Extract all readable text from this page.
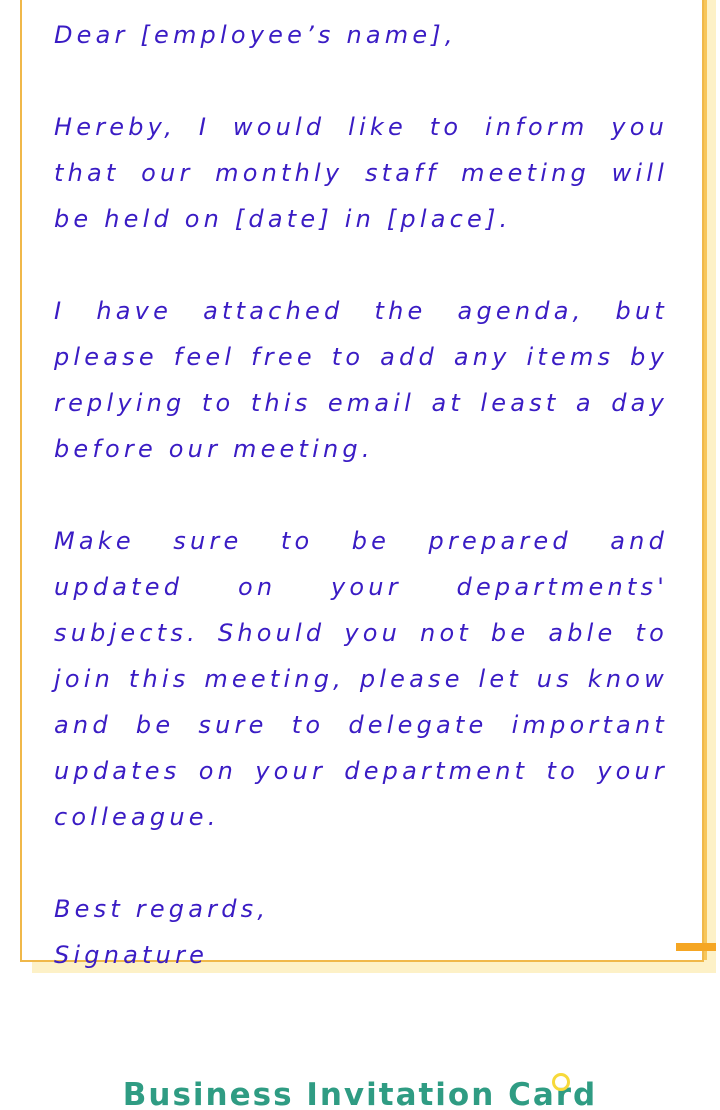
Dear [employee’s name],

Hereby, I would like to inform you that our monthly staff meeting will be held on [date] in [place].

I have attached the agenda, but please feel free to add any items by replying to this email at least a day before our meeting.

Make sure to be prepared and updated on your departments' subjects. Should you not be able to join this meeting, please let us know and be sure to delegate important updates on your department to your colleague.

Best regards,

Signature

Business Invitation Card
